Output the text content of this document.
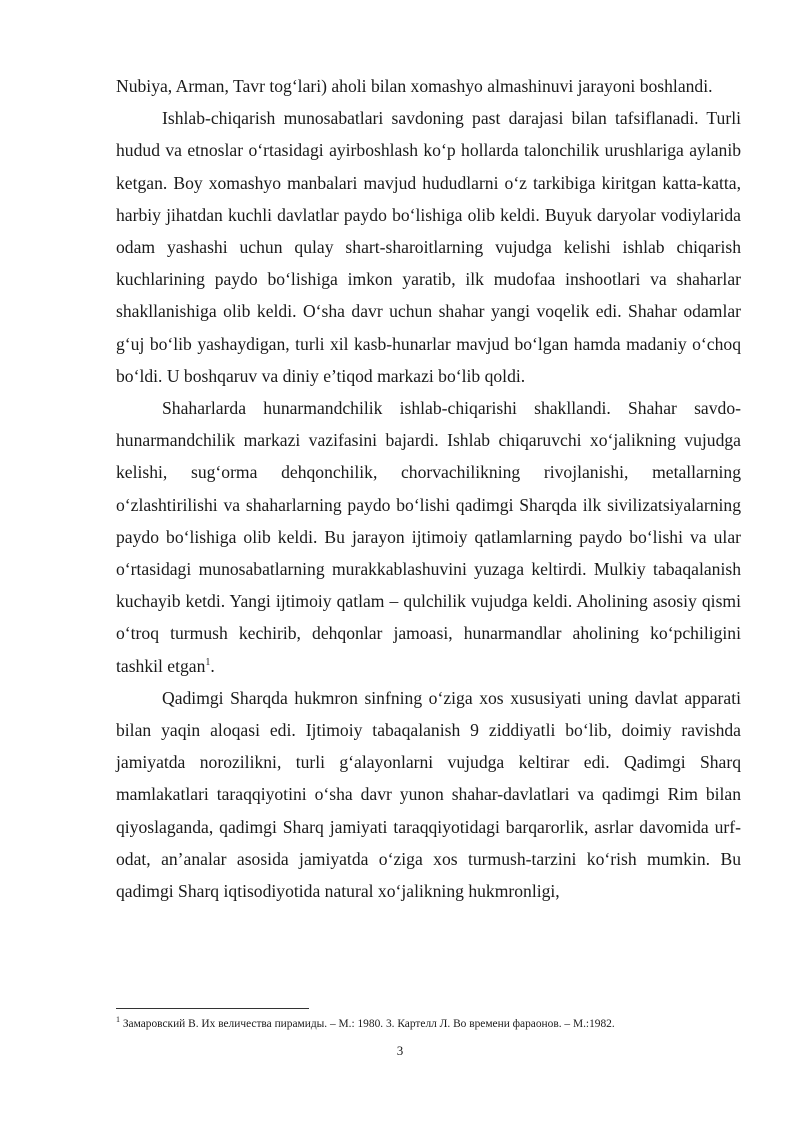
Nubiya, Arman, Tavr tog‘lari) aholi bilan xomashyo almashinuvi jarayoni boshlandi.

Ishlab-chiqarish munosabatlari savdoning past darajasi bilan tafsiflanadi. Turli hudud va etnoslar o‘rtasidagi ayirboshlash ko‘p hollarda talonchilik urushlariga aylanib ketgan. Boy xomashyo manbalari mavjud hududlarni o‘z tarkibiga kiritgan katta-katta, harbiy jihatdan kuchli davlatlar paydo bo‘lishiga olib keldi. Buyuk daryolar vodiylarida odam yashashi uchun qulay shart-sharoitlarning vujudga kelishi ishlab chiqarish kuchlarining paydo bo‘lishiga imkon yaratib, ilk mudofaa inshootlari va shaharlar shakllanishiga olib keldi. O‘sha davr uchun shahar yangi voqelik edi. Shahar odamlar g‘uj bo‘lib yashaydigan, turli xil kasb-hunarlar mavjud bo‘lgan hamda madaniy o‘choq bo‘ldi. U boshqaruv va diniy e’tiqod markazi bo‘lib qoldi.

Shaharlarda hunarmandchilik ishlab-chiqarishi shakllandi. Shahar savdo-hunarmandchilik markazi vazifasini bajardi. Ishlab chiqaruvchi xo‘jalikning vujudga kelishi, sug‘orma dehqonchilik, chorvachilikning rivojlanishi, metallarning o‘zlashtirilishi va shaharlarning paydo bo‘lishi qadimgi Sharqda ilk sivilizatsiyalarning paydo bo‘lishiga olib keldi. Bu jarayon ijtimoiy qatlamlarning paydo bo‘lishi va ular o‘rtasidagi munosabatlarning murakkablashuvini yuzaga keltirdi. Mulkiy tabaqalanish kuchayib ketdi. Yangi ijtimoiy qatlam – qulchilik vujudga keldi. Aholining asosiy qismi o‘troq turmush kechirib, dehqonlar jamoasi, hunarmandlar aholining ko‘pchiligini tashkil etgan$^1$.

Qadimgi Sharqda hukmron sinfning o‘ziga xos xususiyati uning davlat apparati bilan yaqin aloqasi edi. Ijtimoiy tabaqalanish 9 ziddiyatli bo‘lib, doimiy ravishda jamiyatda norozilikni, turli g‘alayonlarni vujudga keltirar edi. Qadimgi Sharq mamlakatlari taraqqiyotini o‘sha davr yunon shahar-davlatlari va qadimgi Rim bilan qiyoslaganda, qadimgi Sharq jamiyati taraqqiyotidagi barqarorlik, asrlar davomida urf-odat, an’analar asosida jamiyatda o‘ziga xos turmush-tarzini ko‘rish mumkin. Bu qadimgi Sharq iqtisodiyotida natural xo‘jalikning hukmronligi,

$^1$ Замаровский В. Их величества пирамиды. – М.: 1980. 3. Картелл Л. Во времени фараонов. – М.:1982.
3
